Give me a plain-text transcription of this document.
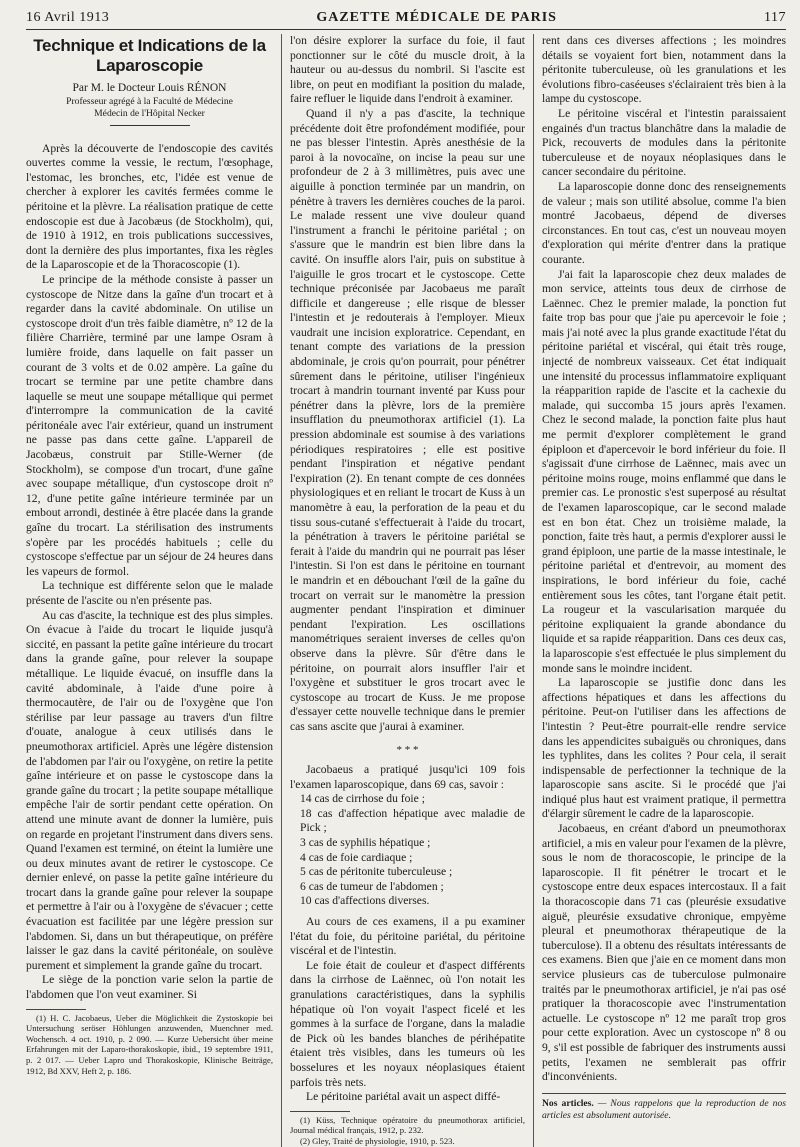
16 Avril 1913	GAZETTE MÉDICALE DE PARIS	117

Technique et Indications de la Laparoscopie

Par M. le Docteur Louis RÉNON

Professeur agrégé à la Faculté de Médecine

Médecin de l'Hôpital Necker

Après la découverte de l'endoscopie des cavités ouvertes comme la vessie, le rectum, l'œsophage, l'estomac, les bronches, etc, l'idée est venue de chercher à explorer les cavités fermées comme le péritoine et la plèvre. La réalisation pratique de cette endoscopie est due à Jacobæus (de Stockholm), qui, de 1910 à 1912, en trois publications successives, dont la dernière des plus importantes, fixa les règles de la Laparoscopie et de la Thoracoscopie (1).

Le principe de la méthode consiste à passer un cystoscope de Nitze dans la gaîne d'un trocart et à regarder dans la cavité abdominale. On utilise un cystoscope droit d'un très faible diamètre, nº 12 de la filière Charrière, terminé par une lampe Osram à lumière froide, dans laquelle on fait passer un courant de 3 volts et de 0.02 ampère. La gaîne du trocart se termine par une petite chambre dans laquelle se meut une soupape métallique qui permet d'interrompre la communication de la cavité péritonéale avec l'air extérieur, quand un instrument ne passe pas dans cette gaîne. L'appareil de Jacobæus, construit par Stille-Werner (de Stockholm), se compose d'un trocart, d'une gaîne avec soupape métallique, d'un cystoscope droit nº 12, d'une petite gaîne intérieure terminée par un embout arrondi, destinée à être placée dans la grande gaîne du trocart. La stérilisation des instruments s'opère par les procédés habituels ; celle du cystoscope s'effectue par un séjour de 24 heures dans les vapeurs de formol.

La technique est différente selon que le malade présente de l'ascite ou n'en présente pas.

Au cas d'ascite, la technique est des plus simples. On évacue à l'aide du trocart le liquide jusqu'à siccité, en passant la petite gaîne intérieure du trocart dans la grande gaîne, pour relever la soupape métallique. Le liquide évacué, on insuffle dans la cavité abdominale, à l'aide d'une poire à thermocautère, de l'air ou de l'oxygène que l'on stérilise par leur passage au travers d'un filtre d'ouate, analogue à ceux utilisés dans le pneumothorax artificiel. Après une légère distension de l'abdomen par l'air ou l'oxygène, on retire la petite gaîne intérieure et on passe le cystoscope dans la grande gaîne du trocart ; la petite soupape métallique empêche l'air de sortir pendant cette opération. On attend une minute avant de donner la lumière, puis on regarde en projetant l'instrument dans divers sens. Quand l'examen est terminé, on éteint la lumière une ou deux minutes avant de retirer le cystoscope. Ce dernier enlevé, on passe la petite gaîne intérieure du trocart dans la grande gaîne pour relever la soupape et permettre à l'air ou à l'oxygène de s'évacuer ; cette évacuation est facilitée par une légère pression sur l'abdomen. Si, dans un but thérapeutique, on préfère laisser le gaz dans la cavité péritonéale, on soulève purement et simplement la grande gaîne du trocart.

Le siège de la ponction varie selon la partie de l'abdomen que l'on veut examiner. Si

(1) H. C. Jacobaeus, Ueber die Möglichkeit die Zystoskopie bei Untersuchung seröser Höhlungen anzuwenden, Muenchner med. Wochensch. 4 oct. 1910, p. 2 090. — Kurze Uebersicht über meine Erfahrungen mit der Laparo-thorakoskopie, ibid., 19 septembre 1911, p. 2 017. — Ueber Lapro und Thorakoskopie, Klinische Beiträge, 1912, Bd XXV, Heft 2, p. 186.

l'on désire explorer la surface du foie, il faut ponctionner sur le côté du muscle droit, à la hauteur ou au-dessus du nombril. Si l'ascite est libre, on peut en modifiant la position du malade, faire refluer le liquide dans l'endroit à examiner.

Quand il n'y a pas d'ascite, la technique précédente doit être profondément modifiée, pour ne pas blesser l'intestin. Après anesthésie de la paroi à la novocaïne, on incise la peau sur une profondeur de 2 à 3 millimètres, puis avec une aiguille à ponction terminée par un mandrin, on pénètre à travers les dernières couches de la paroi. Le malade ressent une vive douleur quand l'instrument a franchi le péritoine pariétal ; on s'assure que le mandrin est bien libre dans la cavité. On insuffle alors l'air, puis on substitue à l'aiguille le gros trocart et le cystoscope. Cette technique préconisée par Jacobaeus me paraît difficile et dangereuse ; elle risque de blesser l'intestin et je redouterais à l'employer. Mieux vaudrait une incision exploratrice. Cependant, en tenant compte des variations de la pression abdominale, je crois qu'on pourrait, pour pénétrer sûrement dans le péritoine, utiliser l'ingénieux trocart à mandrin tournant inventé par Kuss pour pénétrer dans la plèvre, lors de la première insufflation du pneumothorax artificiel (1). La pression abdominale est soumise à des variations périodiques respiratoires ; elle est positive pendant l'inspiration et négative pendant l'expiration (2). En tenant compte de ces données physiologiques et en reliant le trocart de Kuss à un manomètre à eau, la perforation de la peau et du tissu sous-cutané s'effectuerait à l'aide du trocart, la pénétration à travers le péritoine pariétal se ferait à l'aide du mandrin qui ne pourrait pas léser l'intestin. Si l'on est dans le péritoine en tournant le mandrin et en débouchant l'œil de la gaîne du trocart on verrait sur le manomètre la pression augmenter pendant l'inspiration et diminuer pendant l'expiration. Les oscillations manométriques seraient inverses de celles qu'on observe dans la plèvre. Sûr d'être dans le péritoine, on pourrait alors insuffler l'air et l'oxygène et substituer le gros trocart avec le cystoscope au trocart de Kuss. Je me propose d'essayer cette nouvelle technique dans le premier cas sans ascite que j'aurai à examiner.

* * *

Jacobaeus a pratiqué jusqu'ici 109 fois l'examen laparoscopique, dans 69 cas, savoir :

14 cas de cirrhose du foie ;
18 cas d'affection hépatique avec maladie de Pick ;
3 cas de syphilis hépatique ;
4 cas de foie cardiaque ;
5 cas de péritonite tuberculeuse ;
6 cas de tumeur de l'abdomen ;
10 cas d'affections diverses.

Au cours de ces examens, il a pu examiner l'état du foie, du péritoine pariétal, du péritoine viscéral et de l'intestin.

Le foie était de couleur et d'aspect différents dans la cirrhose de Laënnec, où l'on notait les granulations caractéristiques, dans la syphilis hépatique où l'on voyait l'aspect ficelé et les gommes à la surface de l'organe, dans la maladie de Pick où les bandes blanches de périhépatite étaient très visibles, dans les tumeurs où les bosselures et les noyaux néoplasiques étaient parfois très nets.

Le péritoine pariétal avait un aspect diffé-

(1) Küss, Technique opératoire du pneumothorax artificiel, Journal médical français, 1912, p. 232.

(2) Gley, Traité de physiologie, 1910, p. 523.

rent dans ces diverses affections ; les moindres détails se voyaient fort bien, notamment dans la péritonite tuberculeuse, où les granulations et les évolutions fibro-caséeuses s'éclairaient très bien à la lampe du cystoscope.

Le péritoine viscéral et l'intestin paraissaient engainés d'un tractus blanchâtre dans la maladie de Pick, recouverts de modules dans la péritonite tuberculeuse et de noyaux néoplasiques dans le cancer secondaire du péritoine.

La laparoscopie donne donc des renseignements de valeur ; mais son utilité absolue, comme l'a bien montré Jacobaeus, dépend de diverses circonstances. En tout cas, c'est un nouveau moyen d'exploration qui mérite d'entrer dans la pratique courante.

J'ai fait la laparoscopie chez deux malades de mon service, atteints tous deux de cirrhose de Laënnec. Chez le premier malade, la ponction fut faite trop bas pour que j'aie pu apercevoir le foie ; mais j'ai noté avec la plus grande exactitude l'état du péritoine pariétal et viscéral, qui était très rouge, injecté de nombreux vaisseaux. Cet état indiquait une intensité du processus inflammatoire expliquant la réapparition rapide de l'ascite et la cachexie du malade, qui succomba 15 jours après l'examen. Chez le second malade, la ponction faite plus haut me permit d'explorer complètement le grand épiploon et d'apercevoir le bord inférieur du foie. Il s'agissait d'une cirrhose de Laënnec, mais avec un péritoine moins rouge, moins enflammé que dans le premier cas. Le pronostic s'est superposé au résultat de l'examen laparoscopique, car le second malade est en bon état. Chez un troisième malade, la ponction, faite très haut, a permis d'explorer aussi le grand épiploon, une partie de la masse intestinale, le péritoine pariétal et d'entrevoir, au moment des inspirations, le bord inférieur du foie, caché entièrement sous les côtes, tant l'organe était petit. La rougeur et la vascularisation marquée du péritoine expliquaient la grande abondance du liquide et sa rapide réapparition. Dans ces deux cas, la laparoscopie s'est effectuée le plus simplement du monde sans le moindre incident.

La laparoscopie se justifie donc dans les affections hépatiques et dans les affections du péritoine. Peut-on l'utiliser dans les affections de l'intestin ? Peut-être pourrait-elle rendre service dans les appendicites subaiguës ou chroniques, dans les typhlites, dans les colites ? Pour cela, il serait indispensable de perfectionner la technique de la laparoscopie sans ascite. Si le procédé que j'ai indiqué plus haut est vraiment pratique, il permettra d'élargir sûrement le cadre de la laparoscopie.

Jacobaeus, en créant d'abord un pneumothorax artificiel, a mis en valeur pour l'examen de la plèvre, sous le nom de thoracoscopie, le principe de la laparoscopie. Il fit pénétrer le trocart et le cystoscope entre deux espaces intercostaux. Il a fait la thoracoscopie dans 71 cas (pleurésie exsudative aiguë, pleurésie exsudative chronique, empyème pleural et pneumothorax thérapeutique de la tuberculose). Il a obtenu des résultats intéressants de ces examens. Bien que j'aie en ce moment dans mon service plusieurs cas de tuberculose pulmonaire traités par le pneumothorax artificiel, je n'ai pas osé pratiquer la thoracoscopie avec l'instrumentation actuelle. Le cystoscope nº 12 me paraît trop gros pour cette exploration. Avec un cystoscope nº 8 ou 9, s'il est possible de fabriquer des instruments aussi petits, l'examen ne semblerait pas offrir d'inconvénients.

Nos articles. — Nous rappelons que la reproduction de nos articles est absolument autorisée.
